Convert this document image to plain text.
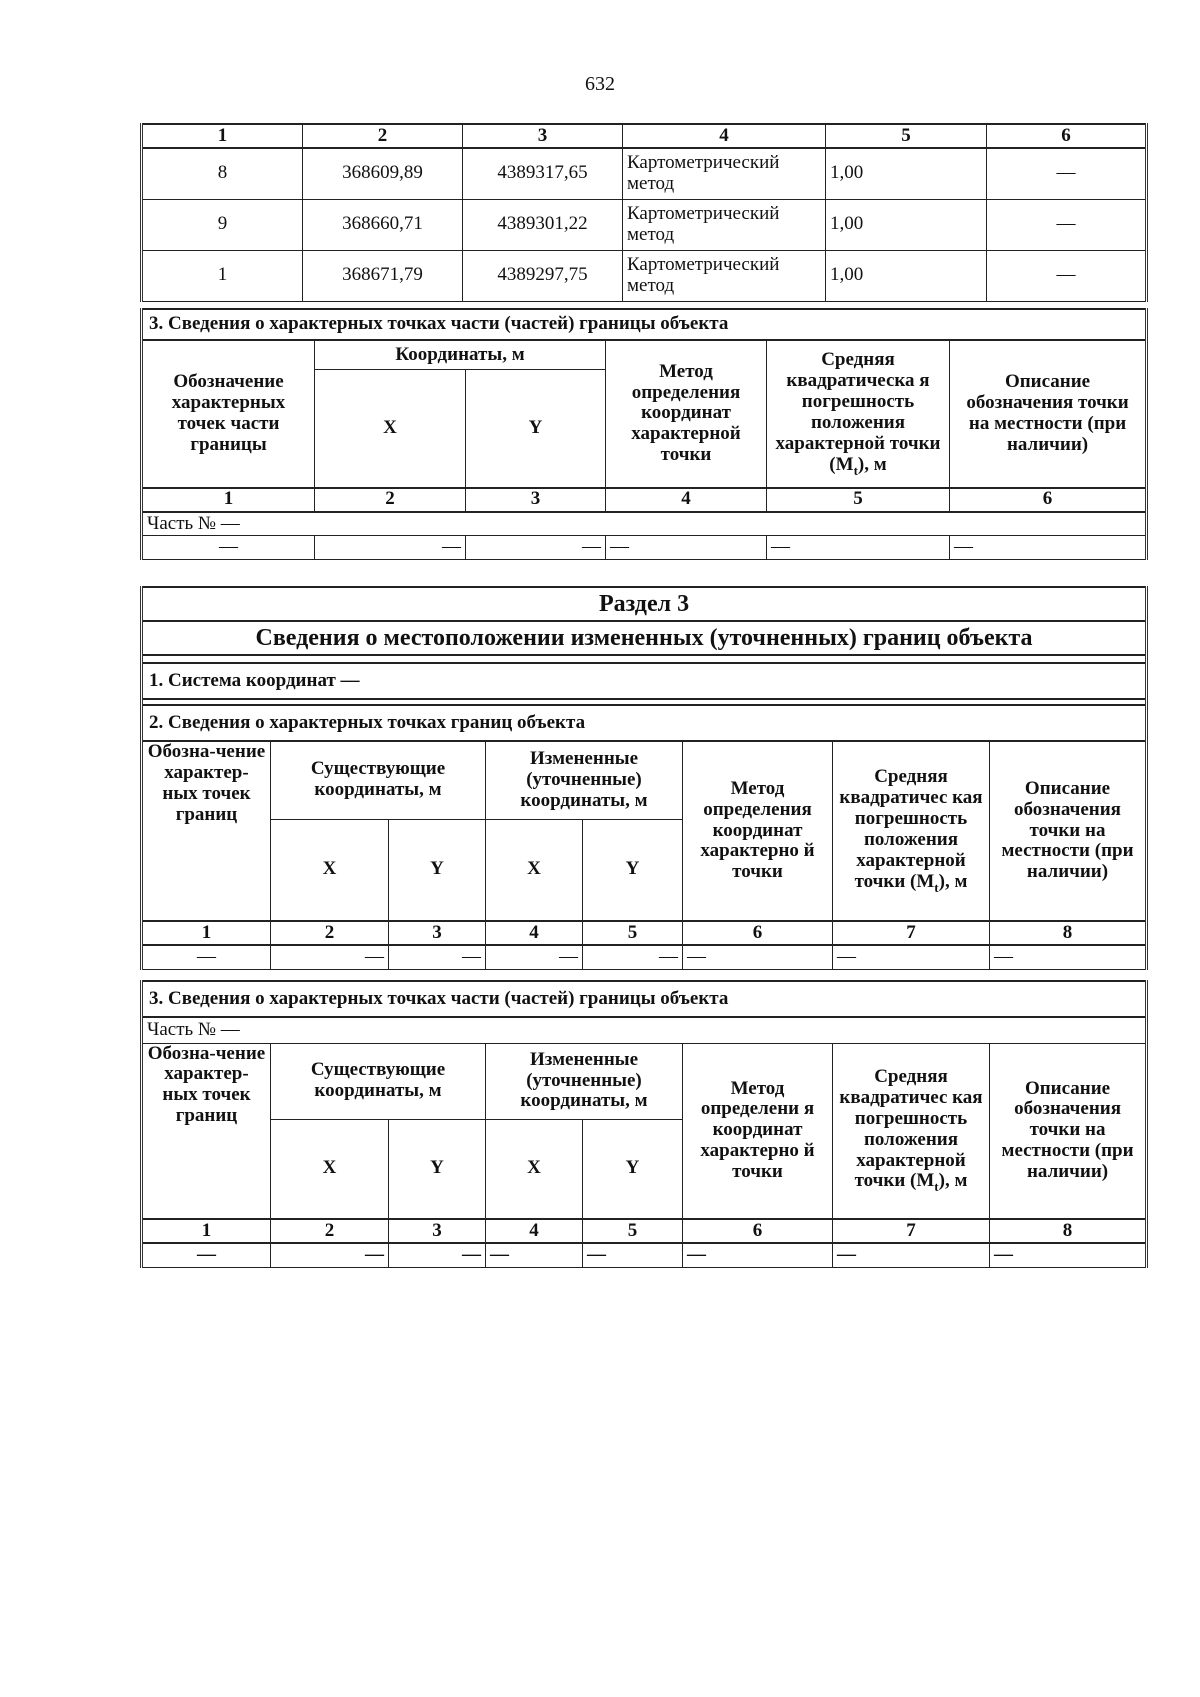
632
1	2	3	4	5	6
8	368609,89	4389317,65	Картометрический метод	1,00	—
9	368660,71	4389301,22	Картометрический метод	1,00	—
1	368671,79	4389297,75	Картометрический метод	1,00	—
3. Сведения о характерных точках части (частей) границы объекта					
Обозначение характерных точек части границы	Координаты, м		Метод определения координат характерной точки	Средняя квадратическа я погрешность положения характерной точки $(M_t)$, м	Описание обозначения точки на местности (при наличии)
	X	Y			
1	2	3	4	5	6
Часть № —					
—	—	—	—	—	—
Раздел 3							
Сведения о местоположении измененных (уточненных) границ объекта							

1. Система координат —							

2. Сведения о характерных точках границ объекта							
Обозна-чение характер-ных точек границ	Существующие координаты, м		Измененные (уточненные) координаты, м		Метод определения координат характерно й точки	Средняя квадратичес кая погрешность положения характерной точки $(M_t)$, м	Описание обозначения точки на местности (при наличии)
	X	Y	X	Y			
1	2	3	4	5	6	7	8
—	—	—	—	—	—	—	—
3. Сведения о характерных точках части (частей) границы объекта							
Часть № —							
Обозна-чение характер-ных точек границ	Существующие координаты, м		Измененные (уточненные) координаты, м		Метод определени я координат характерно й точки	Средняя квадратичес кая погрешность положения характерной точки $(M_t)$, м	Описание обозначения точки на местности (при наличии)
	X	Y	X	Y			
1	2	3	4	5	6	7	8
—	—	—	—	—	—	—	—
